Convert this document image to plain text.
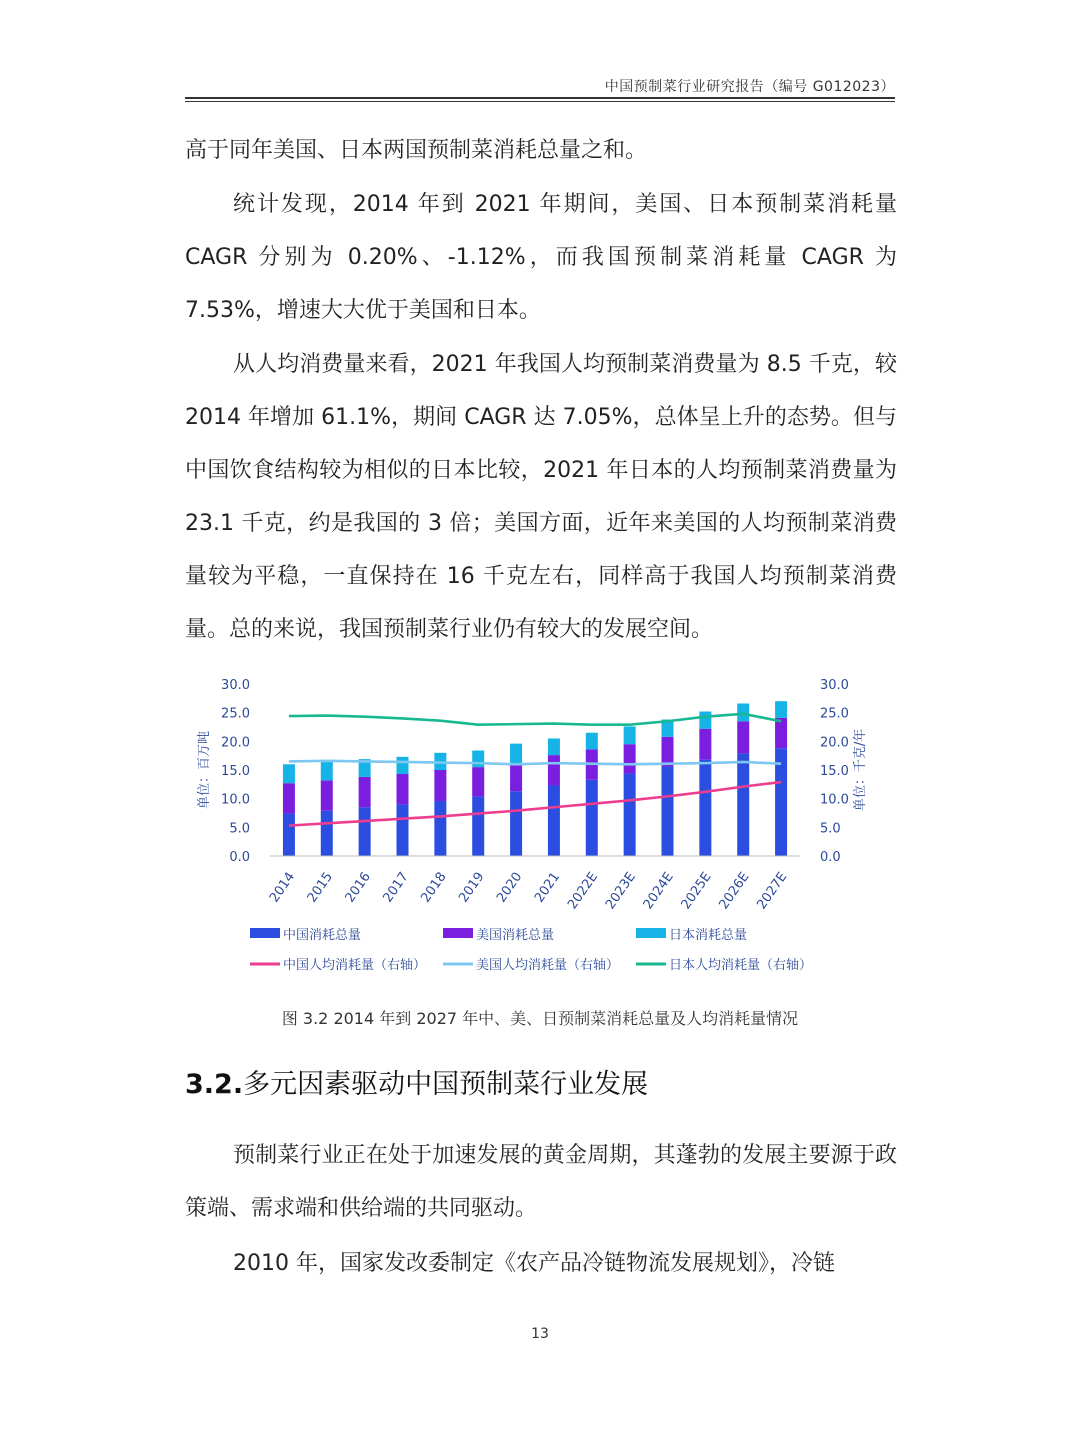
中国预制菜行业研究报告（编号 G012023）

高于同年美国、日本两国预制菜消耗总量之和。

统计发现，2014 年到 2021 年期间，美国、日本预制菜消耗量 CAGR 分别为 0.20%、-1.12%，而我国预制菜消耗量 CAGR 为 7.53%，增速大大优于美国和日本。

从人均消费量来看，2021 年我国人均预制菜消费量为 8.5 千克，较 2014 年增加 61.1%，期间 CAGR 达 7.05%，总体呈上升的态势。但与中国饮食结构较为相似的日本比较，2021 年日本的人均预制菜消费量为 23.1 千克，约是我国的 3 倍；美国方面，近年来美国的人均预制菜消费量较为平稳，一直保持在 16 千克左右，同样高于我国人均预制菜消费量。总的来说，我国预制菜行业仍有较大的发展空间。

0.0	0.0
5.0	5.0
10.0	10.0
15.0	15.0
20.0	20.0
25.0	25.0
30.0	30.0
单位：百万吨	单位：千克/年
2014 2015 2016 2017 2018 2019 2020 2021 2022E 2023E 2024E 2025E 2026E 2027E
中国消耗总量	美国消耗总量	日本消耗总量
中国人均消耗量（右轴）	美国人均消耗量（右轴）	日本人均消耗量（右轴）
图 3.2 2014 年到 2027 年中、美、日预制菜消耗总量及人均消耗量情况
3.2.多元因素驱动中国预制菜行业发展

预制菜行业正在处于加速发展的黄金周期，其蓬勃的发展主要源于政策端、需求端和供给端的共同驱动。

2010 年，国家发改委制定《农产品冷链物流发展规划》，冷链

13
